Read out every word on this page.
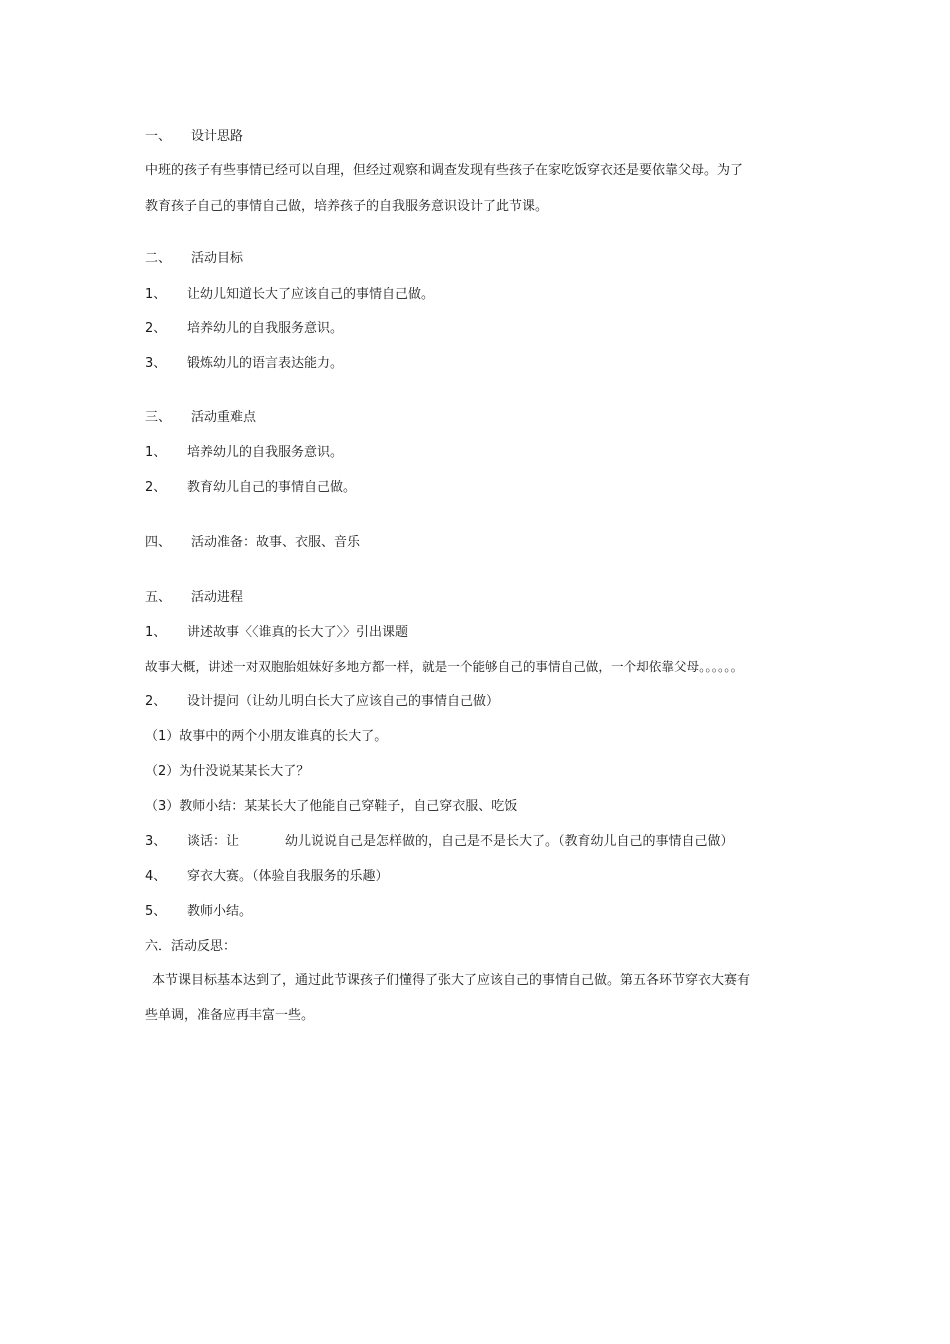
一、 设计思路
中班的孩子有些事情已经可以自理，但经过观察和调查发现有些孩子在家吃饭穿衣还是要依靠父母。为了
教育孩子自己的事情自己做，培养孩子的自我服务意识设计了此节课。
二、 活动目标
1、 让幼儿知道长大了应该自己的事情自己做。
2、 培养幼儿的自我服务意识。
3、 锻炼幼儿的语言表达能力。
三、 活动重难点
1、 培养幼儿的自我服务意识。
2、 教育幼儿自己的事情自己做。
四、 活动准备：故事、衣服、音乐
五、 活动进程
1、 讲述故事〈〈谁真的长大了〉〉引出课题
故事大概，讲述一对双胞胎姐妹好多地方都一样，就是一个能够自己的事情自己做，一个却依靠父母。。。。。。
2、 设计提问（让幼儿明白长大了应该自己的事情自己做）
（1）故事中的两个小朋友谁真的长大了。
（2）为什没说某某长大了？
（3）教师小结：某某长大了他能自己穿鞋子，自己穿衣服、吃饭
3、 谈话：让	幼儿说说自己是怎样做的，自己是不是长大了。（教育幼儿自己的事情自己做）
4、 穿衣大赛。（体验自我服务的乐趣）
5、 教师小结。
六．活动反思：
本节课目标基本达到了，通过此节课孩子们懂得了张大了应该自己的事情自己做。第五各环节穿衣大赛有
些单调，准备应再丰富一些。
